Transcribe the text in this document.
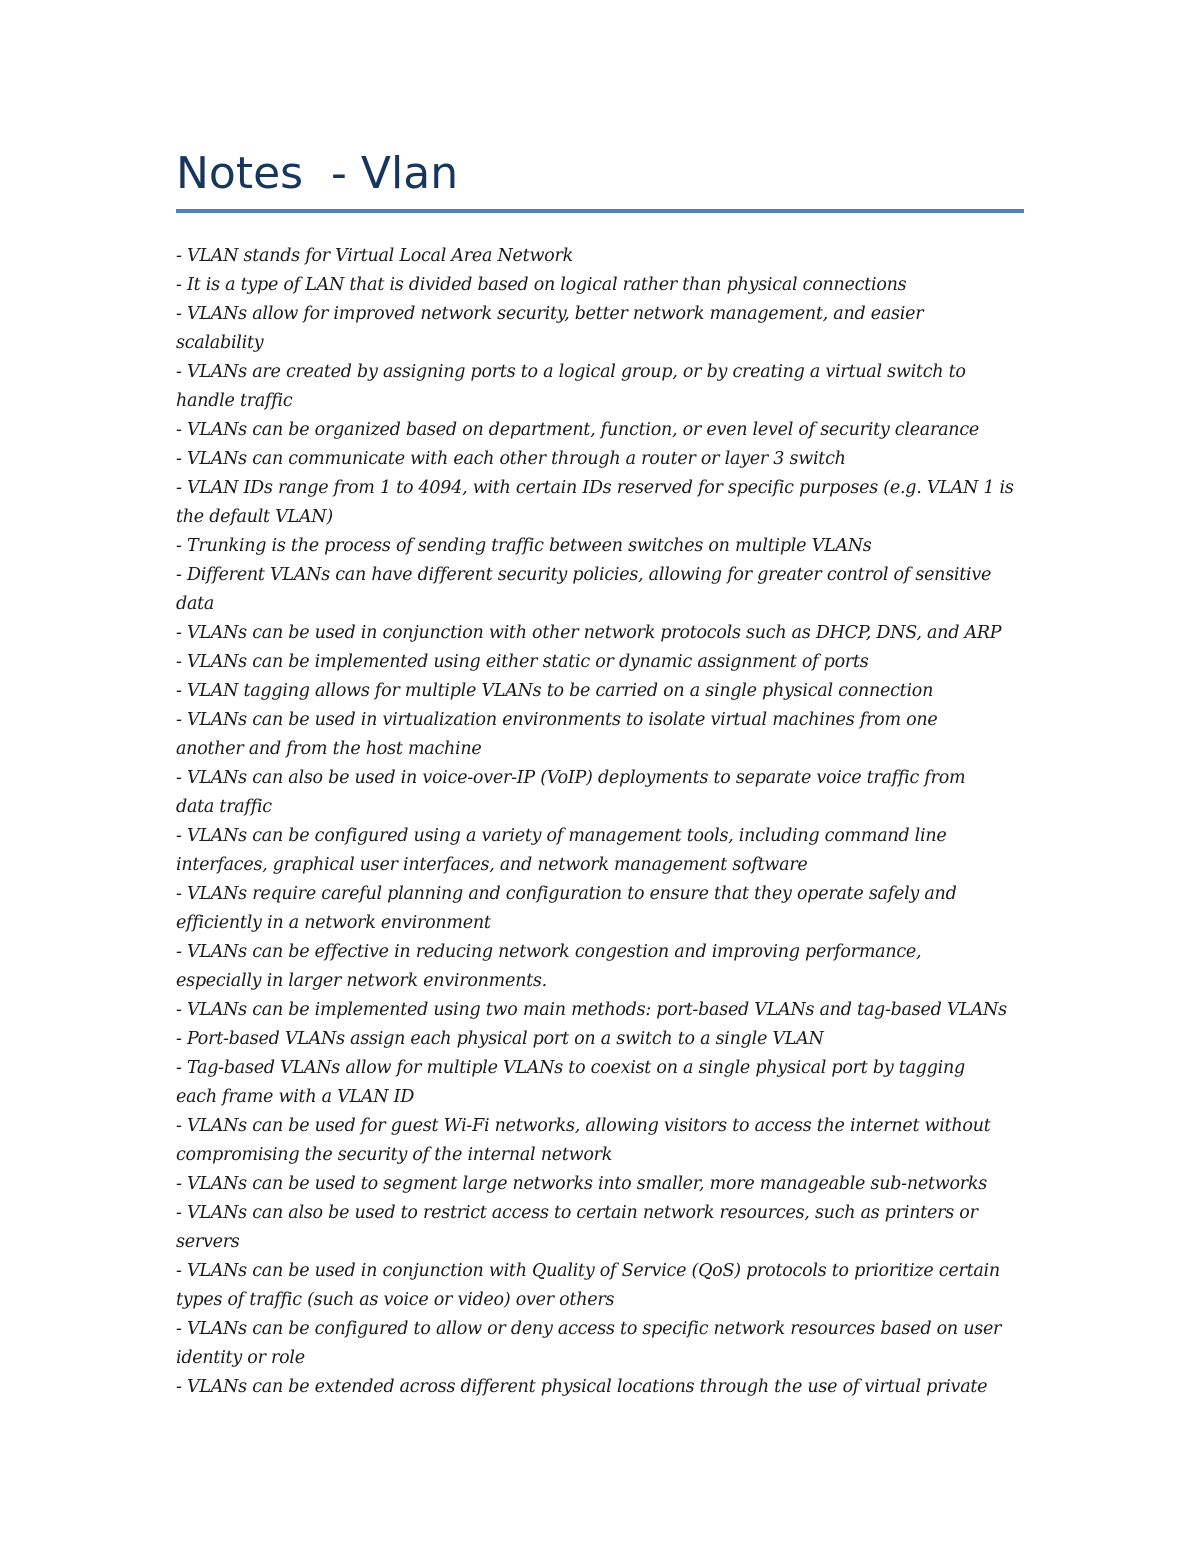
Notes  - Vlan
- VLAN stands for Virtual Local Area Network
- It is a type of LAN that is divided based on logical rather than physical connections
- VLANs allow for improved network security, better network management, and easier
scalability
- VLANs are created by assigning ports to a logical group, or by creating a virtual switch to
handle traffic
- VLANs can be organized based on department, function, or even level of security clearance
- VLANs can communicate with each other through a router or layer 3 switch
- VLAN IDs range from 1 to 4094, with certain IDs reserved for specific purposes (e.g. VLAN 1 is
the default VLAN)
- Trunking is the process of sending traffic between switches on multiple VLANs
- Different VLANs can have different security policies, allowing for greater control of sensitive
data
- VLANs can be used in conjunction with other network protocols such as DHCP, DNS, and ARP
- VLANs can be implemented using either static or dynamic assignment of ports
- VLAN tagging allows for multiple VLANs to be carried on a single physical connection
- VLANs can be used in virtualization environments to isolate virtual machines from one
another and from the host machine
- VLANs can also be used in voice-over-IP (VoIP) deployments to separate voice traffic from
data traffic
- VLANs can be configured using a variety of management tools, including command line
interfaces, graphical user interfaces, and network management software
- VLANs require careful planning and configuration to ensure that they operate safely and
efficiently in a network environment
- VLANs can be effective in reducing network congestion and improving performance,
especially in larger network environments.
- VLANs can be implemented using two main methods: port-based VLANs and tag-based VLANs
- Port-based VLANs assign each physical port on a switch to a single VLAN
- Tag-based VLANs allow for multiple VLANs to coexist on a single physical port by tagging
each frame with a VLAN ID
- VLANs can be used for guest Wi-Fi networks, allowing visitors to access the internet without
compromising the security of the internal network
- VLANs can be used to segment large networks into smaller, more manageable sub-networks
- VLANs can also be used to restrict access to certain network resources, such as printers or
servers
- VLANs can be used in conjunction with Quality of Service (QoS) protocols to prioritize certain
types of traffic (such as voice or video) over others
- VLANs can be configured to allow or deny access to specific network resources based on user
identity or role
- VLANs can be extended across different physical locations through the use of virtual private
